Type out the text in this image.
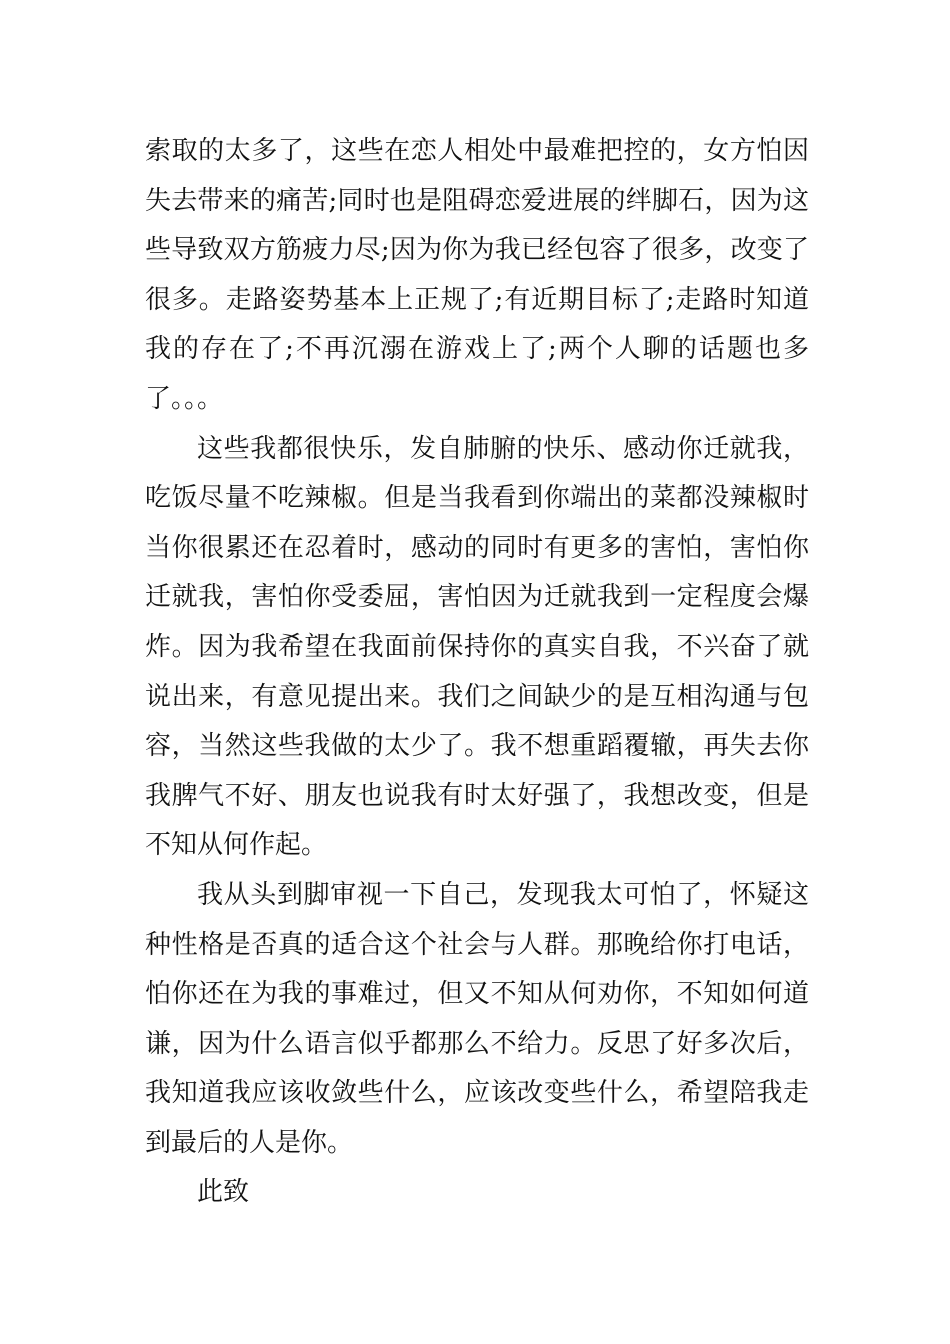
索取的太多了，这些在恋人相处中最难把控的，女方怕因
失去带来的痛苦;同时也是阻碍恋爱进展的绊脚石，因为这
些导致双方筋疲力尽;因为你为我已经包容了很多，改变了
很多。走路姿势基本上正规了;有近期目标了;走路时知道
我的存在了;不再沉溺在游戏上了;两个人聊的话题也多
了。。。
这些我都很快乐，发自肺腑的快乐、感动你迁就我，
吃饭尽量不吃辣椒。但是当我看到你端出的菜都没辣椒时
当你很累还在忍着时，感动的同时有更多的害怕，害怕你
迁就我，害怕你受委屈，害怕因为迁就我到一定程度会爆
炸。因为我希望在我面前保持你的真实自我，不兴奋了就
说出来，有意见提出来。我们之间缺少的是互相沟通与包
容，当然这些我做的太少了。我不想重蹈覆辙，再失去你
我脾气不好、朋友也说我有时太好强了，我想改变，但是
不知从何作起。
我从头到脚审视一下自己，发现我太可怕了，怀疑这
种性格是否真的适合这个社会与人群。那晚给你打电话，
怕你还在为我的事难过，但又不知从何劝你，不知如何道
谦，因为什么语言似乎都那么不给力。反思了好多次后，
我知道我应该收敛些什么，应该改变些什么，希望陪我走
到最后的人是你。
此致
